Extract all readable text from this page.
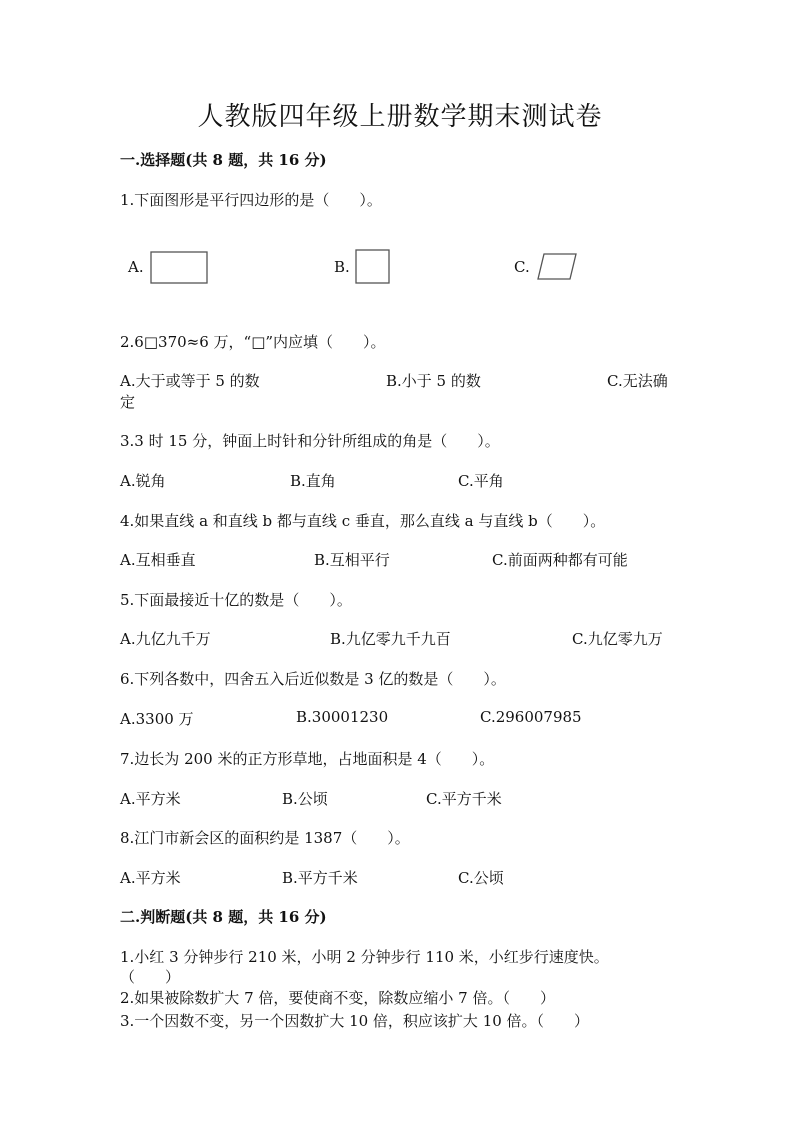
人教版四年级上册数学期末测试卷
一.选择题(共 8 题，共 16 分)
1.下面图形是平行四边形的是（　　）。
A.	B.	C.
2.6□370≈6 万，“□”内应填（　　）。
A.大于或等于 5 的数	B.小于 5 的数	C.无法确
定
3.3 时 15 分，钟面上时针和分针所组成的角是（　　）。
A.锐角	B.直角	C.平角
4.如果直线 a 和直线 b 都与直线 c 垂直，那么直线 a 与直线 b（　　）。
A.互相垂直	B.互相平行	C.前面两种都有可能
5.下面最接近十亿的数是（　　）。
A.九亿九千万	B.九亿零九千九百	C.九亿零九万
6.下列各数中，四舍五入后近似数是 3 亿的数是（　　）。
A.3300 万	B.30001230	C.296007985
7.边长为 200 米的正方形草地，占地面积是 4（　　）。
A.平方米	B.公顷	C.平方千米
8.江门市新会区的面积约是 1387（　　）。
A.平方米	B.平方千米	C.公顷
二.判断题(共 8 题，共 16 分)
1.小红 3 分钟步行 210 米，小明 2 分钟步行 110 米，小红步行速度快。
（　　）
2.如果被除数扩大 7 倍，要使商不变，除数应缩小 7 倍。（　　）
3.一个因数不变，另一个因数扩大 10 倍，积应该扩大 10 倍。（　　）
